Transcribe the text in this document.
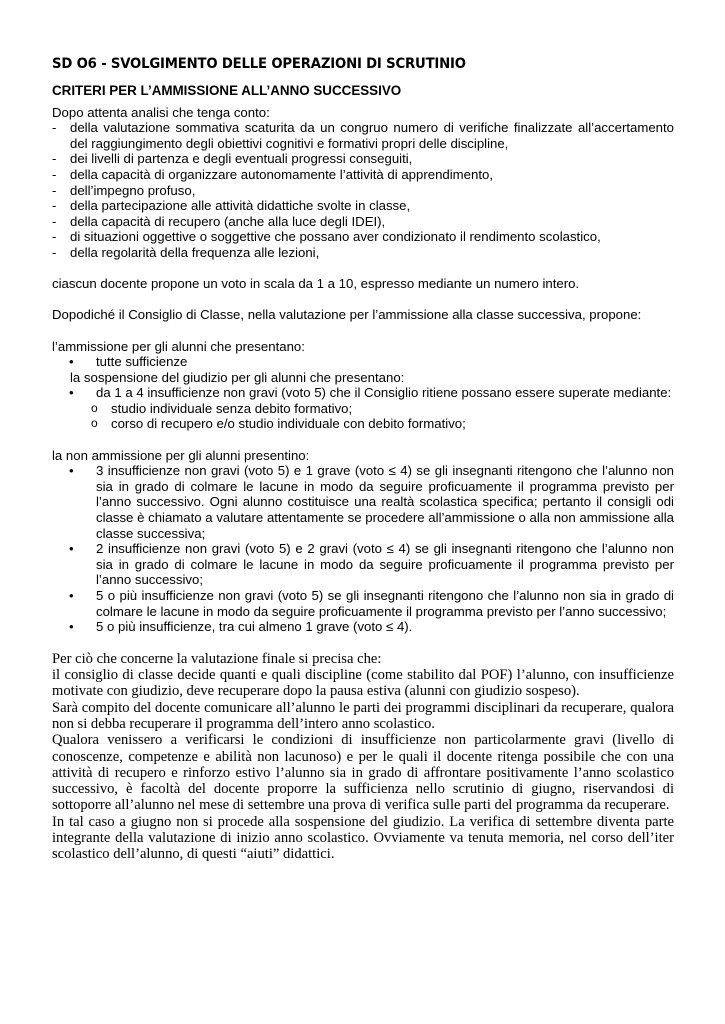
SD O6 - SVOLGIMENTO DELLE OPERAZIONI DI SCRUTINIO
CRITERI PER L’AMMISSIONE ALL’ANNO SUCCESSIVO

Dopo attenta analisi che tenga conto:

- della valutazione sommativa scaturita da un congruo numero di verifiche finalizzate all’accertamento del raggiungimento degli obiettivi cognitivi e formativi propri delle discipline,
- dei livelli di partenza e degli eventuali progressi conseguiti,
- della capacità di organizzare autonomamente l’attività di apprendimento,
- dell’impegno profuso,
- della partecipazione alle attività didattiche svolte in classe,
- della capacità di recupero (anche alla luce degli IDEI),
- di situazioni oggettive o soggettive che possano aver condizionato il rendimento scolastico,
- della regolarità della frequenza alle lezioni,

ciascun docente propone un voto in scala da 1 a 10, espresso mediante un numero intero.

Dopodiché il Consiglio di Classe, nella valutazione per l’ammissione alla classe successiva, propone:

l’ammissione per gli alunni che presentano:

• tutte sufficienze

la sospensione del giudizio per gli alunni che presentano:

• da 1 a 4 insufficienze non gravi (voto 5) che il Consiglio ritiene possano essere superate mediante:
o studio individuale senza debito formativo;
o corso di recupero e/o studio individuale con debito formativo;

la non ammissione per gli alunni presentino:

• 3 insufficienze non gravi (voto 5) e 1 grave (voto ≤ 4) se gli insegnanti ritengono che l’alunno non sia in grado di colmare le lacune in modo da seguire proficuamente il programma previsto per l’anno successivo. Ogni alunno costituisce una realtà scolastica specifica; pertanto il consigli odi classe è chiamato a valutare attentamente se procedere all’ammissione o alla non ammissione alla classe successiva;
• 2 insufficienze non gravi (voto 5) e 2 gravi (voto ≤ 4) se gli insegnanti ritengono che l’alunno non sia in grado di colmare le lacune in modo da seguire proficuamente il programma previsto per l’anno successivo;
• 5 o più insufficienze non gravi (voto 5) se gli insegnanti ritengono che l’alunno non sia in grado di colmare le lacune in modo da seguire proficuamente il programma previsto per l’anno successivo;
• 5 o più insufficienze, tra cui almeno 1 grave (voto ≤ 4).

Per ciò che concerne la valutazione finale si precisa che:

il consiglio di classe decide quanti e quali discipline (come stabilito dal POF) l’alunno, con insufficienze motivate con giudizio, deve recuperare dopo la pausa estiva (alunni con giudizio sospeso).

Sarà compito del docente comunicare all’alunno le parti dei programmi disciplinari da recuperare, qualora non si debba recuperare il programma dell’intero anno scolastico.

Qualora venissero a verificarsi le condizioni di insufficienze non particolarmente gravi (livello di conoscenze, competenze e abilità non lacunoso) e per le quali il docente ritenga possibile che con una attività di recupero e rinforzo estivo l’alunno sia in grado di affrontare positivamente l’anno scolastico successivo, è facoltà del docente proporre la sufficienza nello scrutinio di giugno, riservandosi di sottoporre all’alunno nel mese di settembre una prova di verifica sulle parti del programma da recuperare.

In tal caso a giugno non si procede alla sospensione del giudizio. La verifica di settembre diventa parte integrante della valutazione di inizio anno scolastico. Ovviamente va tenuta memoria, nel corso dell’iter scolastico dell’alunno, di questi “aiuti” didattici.
